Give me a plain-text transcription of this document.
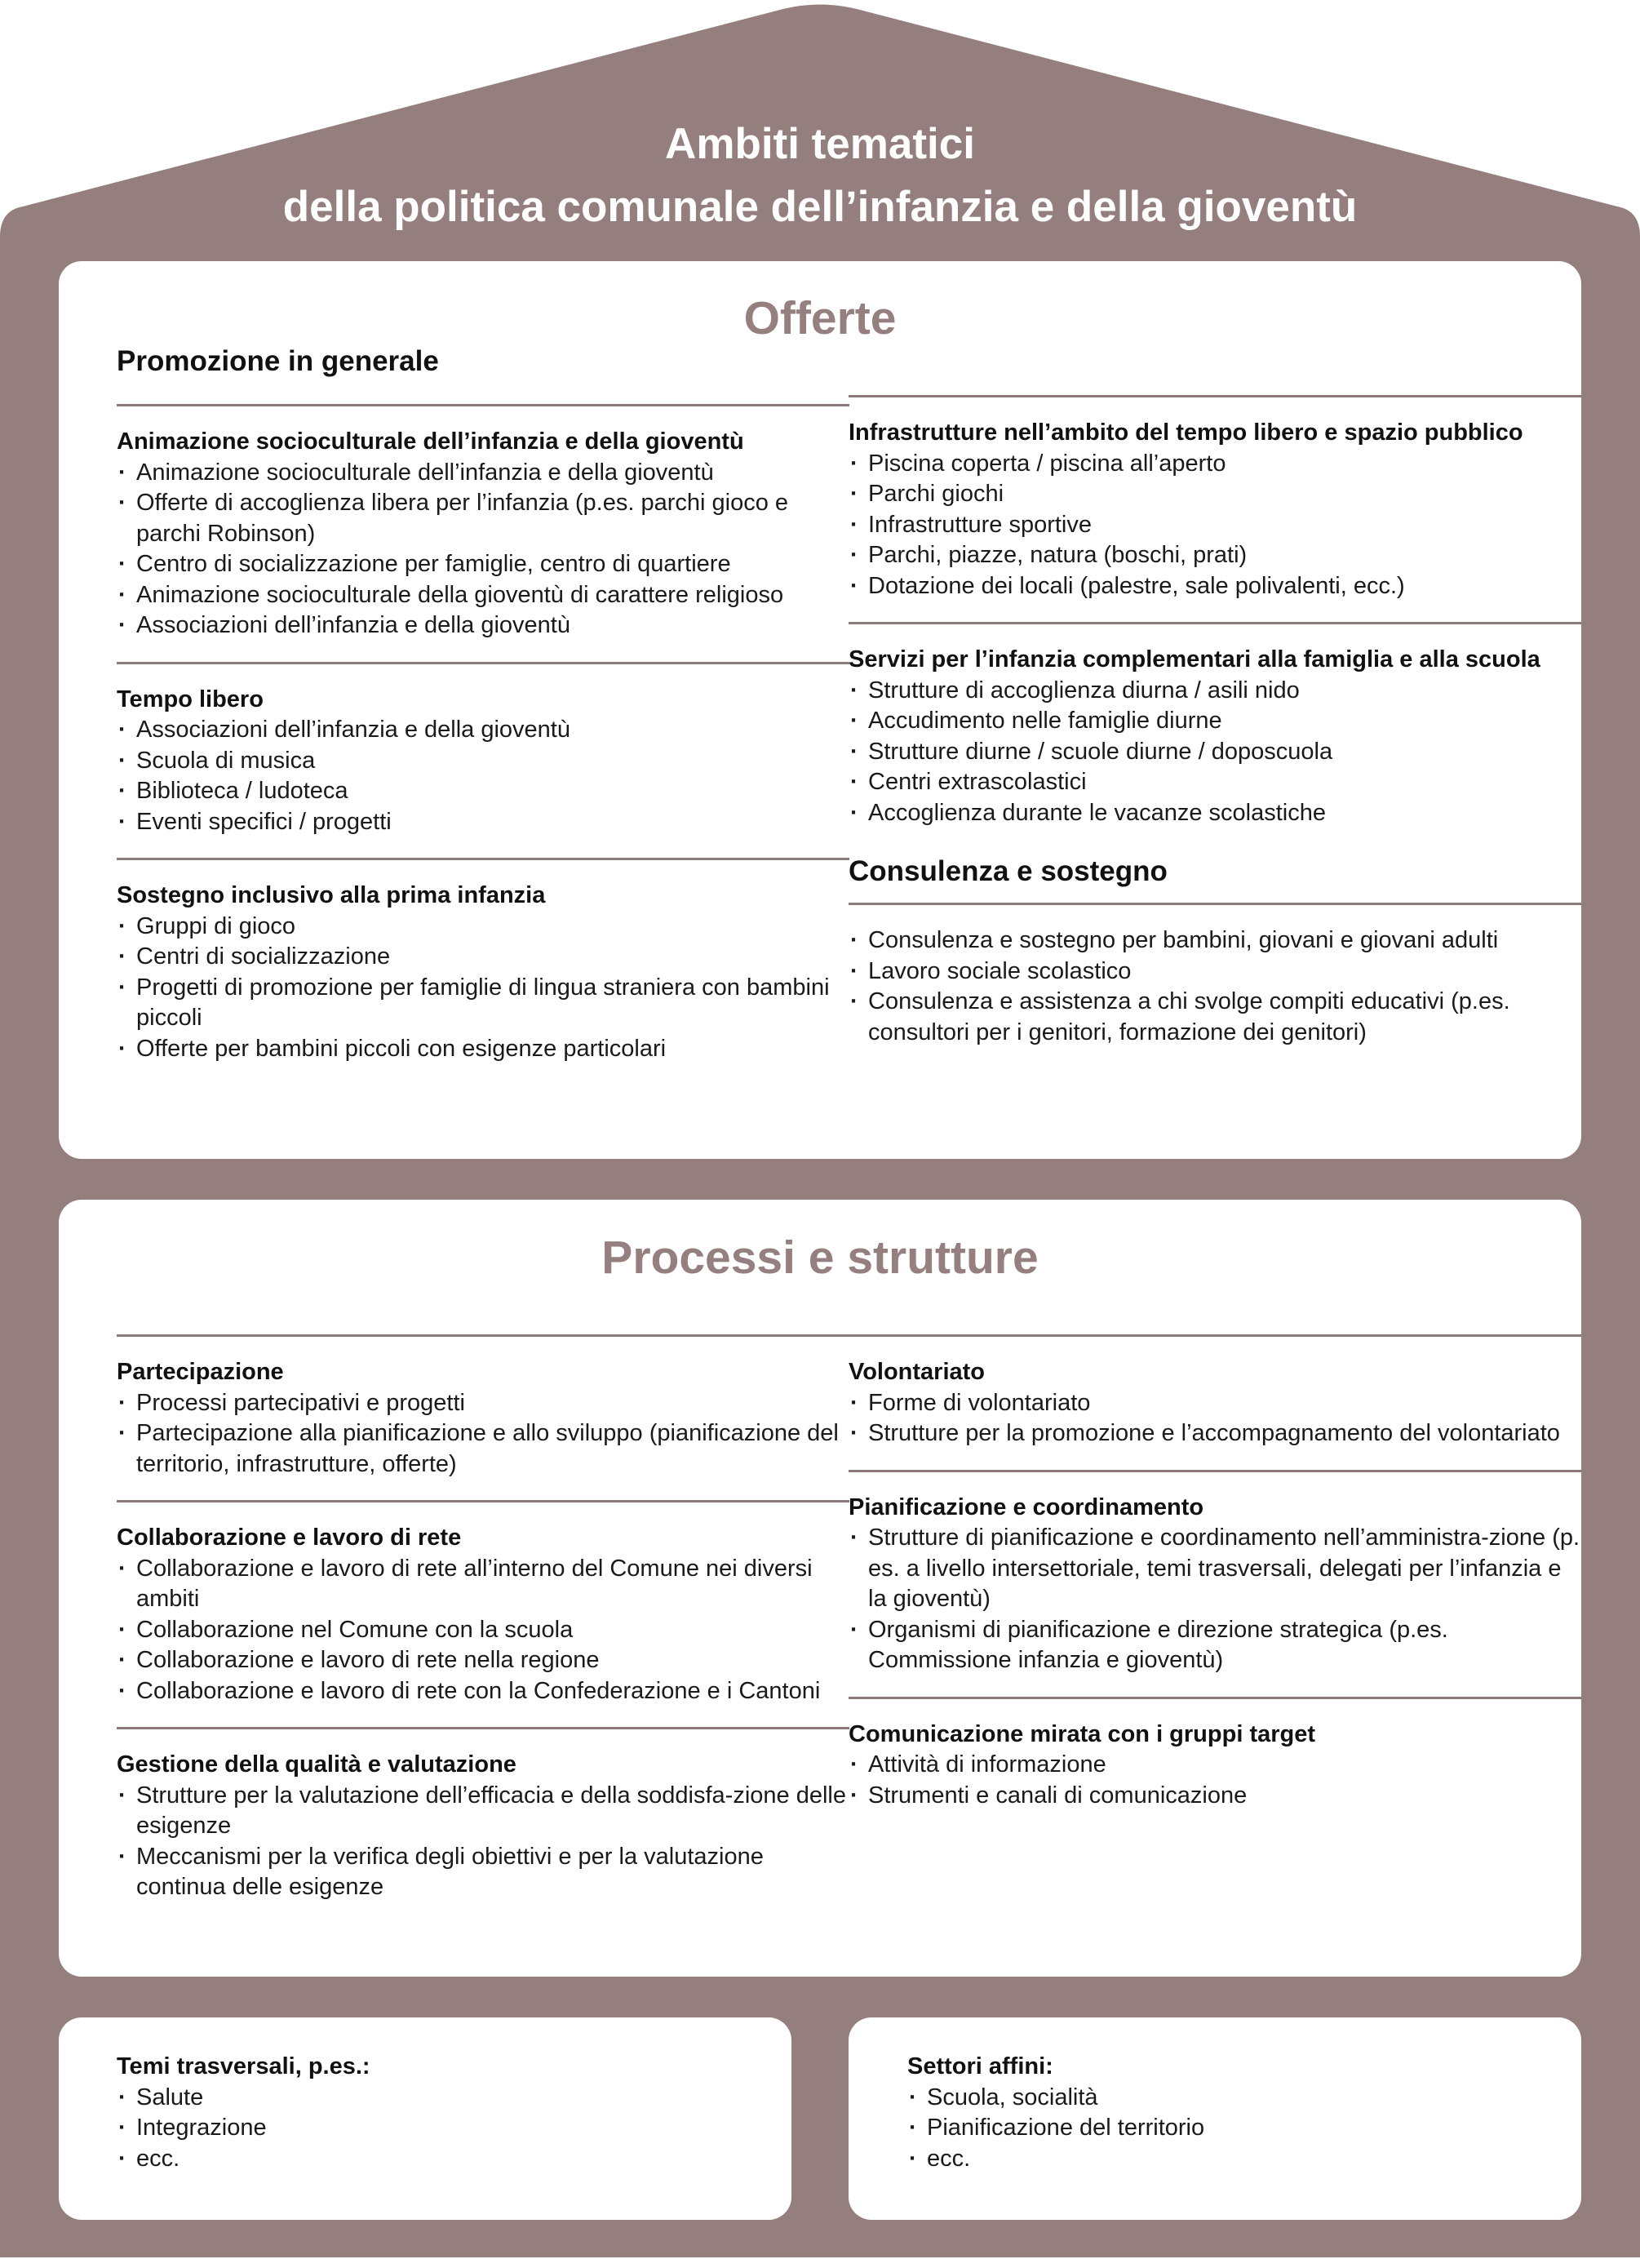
Ambiti tematici
della politica comunale dell’infanzia e della gioventù
Offerte
Promozione in generale
Animazione socioculturale dell’infanzia e della gioventù
· Animazione socioculturale dell’infanzia e della gioventù
· Offerte di accoglienza libera per l’infanzia (p.es. parchi gioco e parchi Robinson)
· Centro di socializzazione per famiglie, centro di quartiere
· Animazione socioculturale della gioventù di carattere religioso
· Associazioni dell’infanzia e della gioventù
Tempo libero
· Associazioni dell’infanzia e della gioventù
· Scuola di musica
· Biblioteca / ludoteca
· Eventi specifici / progetti
Sostegno inclusivo alla prima infanzia
· Gruppi di gioco
· Centri di socializzazione
· Progetti di promozione per famiglie di lingua straniera con bambini piccoli
· Offerte per bambini piccoli con esigenze particolari
Infrastrutture nell’ambito del tempo libero e spazio pubblico
· Piscina coperta / piscina all’aperto
· Parchi giochi
· Infrastrutture sportive
· Parchi, piazze, natura (boschi, prati)
· Dotazione dei locali (palestre, sale polivalenti, ecc.)
Servizi per l’infanzia complementari alla famiglia e alla scuola
· Strutture di accoglienza diurna / asili nido
· Accudimento nelle famiglie diurne
· Strutture diurne / scuole diurne / doposcuola
· Centri extrascolastici
· Accoglienza durante le vacanze scolastiche
Consulenza e sostegno
· Consulenza e sostegno per bambini, giovani e giovani adulti
· Lavoro sociale scolastico
· Consulenza e assistenza a chi svolge compiti educativi (p.es. consultori per i genitori, formazione dei genitori)
Processi e strutture
Partecipazione
· Processi partecipativi e progetti
· Partecipazione alla pianificazione e allo sviluppo (pianificazione del territorio, infrastrutture, offerte)
Collaborazione e lavoro di rete
· Collaborazione e lavoro di rete all’interno del Comune nei diversi ambiti
· Collaborazione nel Comune con la scuola
· Collaborazione e lavoro di rete nella regione
· Collaborazione e lavoro di rete con la Confederazione e i Cantoni
Gestione della qualità e valutazione
· Strutture per la valutazione dell’efficacia e della soddisfa-zione delle esigenze
· Meccanismi per la verifica degli obiettivi e per la valutazione continua delle esigenze
Volontariato
· Forme di volontariato
· Strutture per la promozione e l’accompagnamento del volontariato
Pianificazione e coordinamento
· Strutture di pianificazione e coordinamento nell’amministra-zione (p. es. a livello intersettoriale, temi trasversali, delegati per l’infanzia e la gioventù)
· Organismi di pianificazione e direzione strategica (p.es. Commissione infanzia e gioventù)
Comunicazione mirata con i gruppi target
· Attività di informazione
· Strumenti e canali di comunicazione
Temi trasversali, p.es.:
· Salute
· Integrazione
· ecc.
Settori affini:
· Scuola, socialità
· Pianificazione del territorio
· ecc.
